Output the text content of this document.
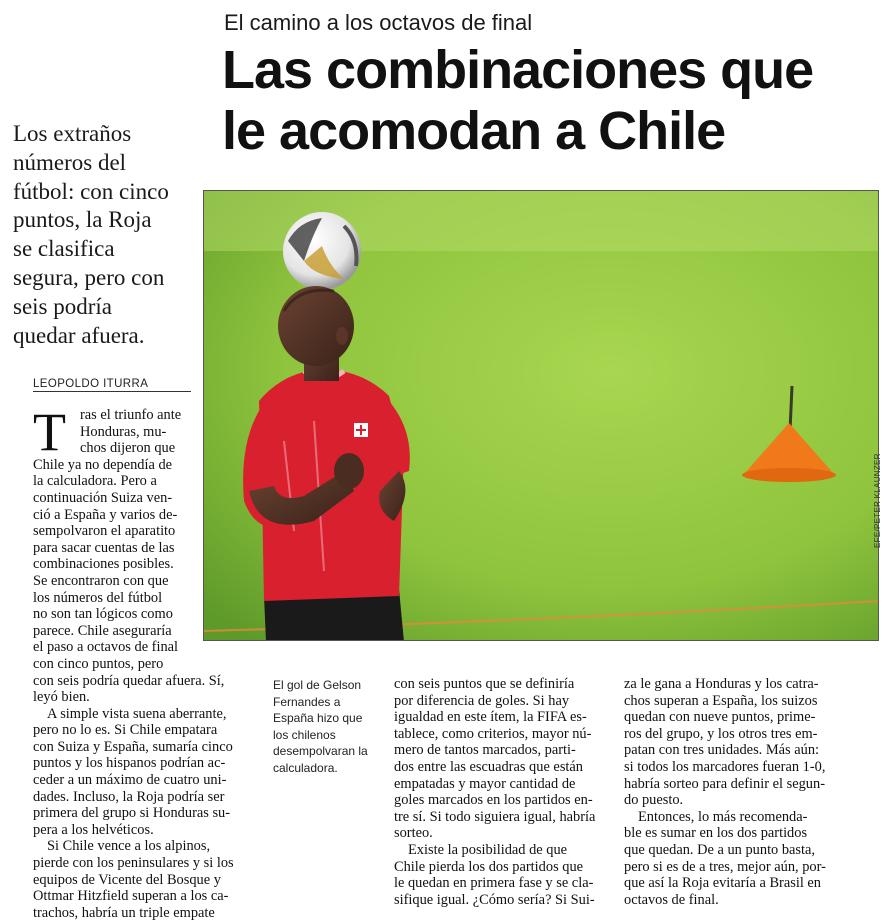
El camino a los octavos de final
Las combinaciones que
le acomodan a Chile
Los extraños
números del
fútbol: con cinco
puntos, la Roja
se clasifica
segura, pero con
seis podría
quedar afuera.
LEOPOLDO ITURRA
EFE/PETER KLAUNZER
T ras el triunfo ante
Honduras, mu-
chos dijeron que
Chile ya no dependía de
la calculadora. Pero a
continuación Suiza ven-
ció a España y varios de-
sempolvaron el aparatito
para sacar cuentas de las
combinaciones posibles.
Se encontraron con que
los números del fútbol
no son tan lógicos como
parece. Chile aseguraría
el paso a octavos de final
con cinco puntos, pero
con seis podría quedar afuera. Sí,
leyó bien.
A simple vista suena aberrante,
pero no lo es. Si Chile empatara
con Suiza y España, sumaría cinco
puntos y los hispanos podrían ac-
ceder a un máximo de cuatro uni-
dades. Incluso, la Roja podría ser
primera del grupo si Honduras su-
pera a los helvéticos.
Si Chile vence a los alpinos,
pierde con los peninsulares y si los
equipos de Vicente del Bosque y
Ottmar Hitzfield superan a los ca-
trachos, habría un triple empate
El gol de Gelson
Fernandes a
España hizo que
los chilenos
desempolvaran la
calculadora.
con seis puntos que se definiría
por diferencia de goles. Si hay
igualdad en este ítem, la FIFA es-
tablece, como criterios, mayor nú-
mero de tantos marcados, parti-
dos entre las escuadras que están
empatadas y mayor cantidad de
goles marcados en los partidos en-
tre sí. Si todo siguiera igual, habría
sorteo.
Existe la posibilidad de que
Chile pierda los dos partidos que
le quedan en primera fase y se cla-
sifique igual. ¿Cómo sería? Si Sui-
za le gana a Honduras y los catra-
chos superan a España, los suizos
quedan con nueve puntos, prime-
ros del grupo, y los otros tres em-
patan con tres unidades. Más aún:
si todos los marcadores fueran 1-0,
habría sorteo para definir el segun-
do puesto.
Entonces, lo más recomenda-
ble es sumar en los dos partidos
que quedan. De a un punto basta,
pero si es de a tres, mejor aún, por-
que así la Roja evitaría a Brasil en
octavos de final.
